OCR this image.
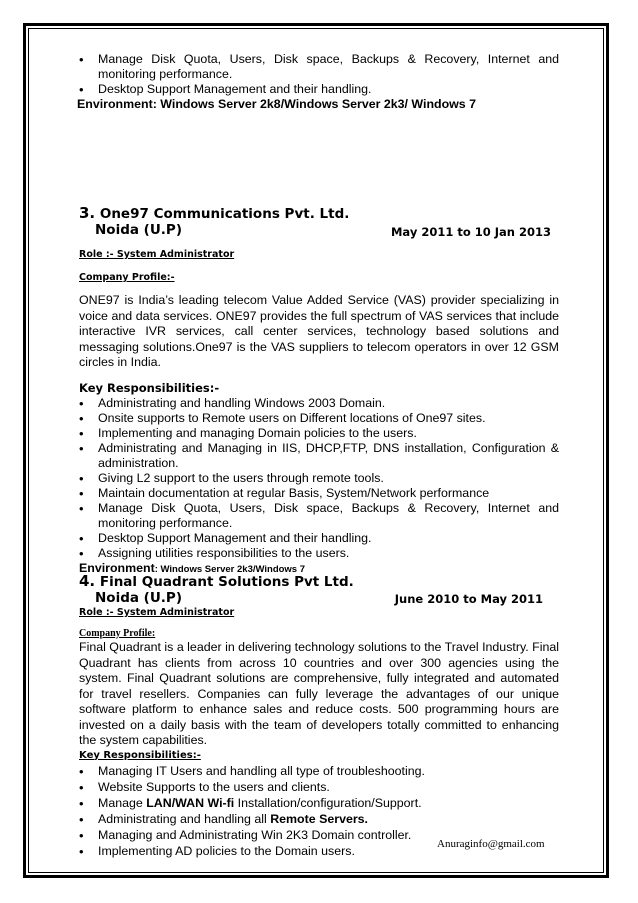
• Manage Disk Quota, Users, Disk space, Backups & Recovery, Internet and monitoring performance.
• Desktop Support Management and their handling.
Environment: Windows Server 2k8/Windows Server 2k3/ Windows 7
3. One97 Communications Pvt. Ltd.
Noida (U.P)	May 2011 to 10 Jan 2013
Role :- System Administrator
Company Profile:-

ONE97 is India’s leading telecom Value Added Service (VAS) provider specializing in voice and data services. ONE97 provides the full spectrum of VAS services that include interactive IVR services, call center services, technology based solutions and messaging solutions.One97 is the VAS suppliers to telecom operators in over 12 GSM circles in India.

Key Responsibilities:-
• Administrating and handling Windows 2003 Domain.
• Onsite supports to Remote users on Different locations of One97 sites.
• Implementing and managing Domain policies to the users.
• Administrating and Managing in IIS, DHCP,FTP, DNS installation, Configuration & administration.
• Giving L2 support to the users through remote tools.
• Maintain documentation at regular Basis, System/Network performance
• Manage Disk Quota, Users, Disk space, Backups & Recovery, Internet and monitoring performance.
• Desktop Support Management and their handling.
• Assigning utilities responsibilities to the users.
Environment: Windows Server 2k3/Windows 7
4. Final Quadrant Solutions Pvt Ltd.
Noida (U.P)	June 2010 to May 2011
Role :- System Administrator
Company Profile:

Final Quadrant is a leader in delivering technology solutions to the Travel Industry. Final Quadrant has clients from across 10 countries and over 300 agencies using the system. Final Quadrant solutions are comprehensive, fully integrated and automated for travel resellers. Companies can fully leverage the advantages of our unique software platform to enhance sales and reduce costs. 500 programming hours are invested on a daily basis with the team of developers totally committed to enhancing the system capabilities.

Key Responsibilities:-
• Managing IT Users and handling all type of troubleshooting.
• Website Supports to the users and clients.
• Manage LAN/WAN Wi-fi Installation/configuration/Support.
• Administrating and handling all Remote Servers.
• Managing and Administrating Win 2K3 Domain controller.
• Implementing AD policies to the Domain users.	Anuraginfo@gmail.com
